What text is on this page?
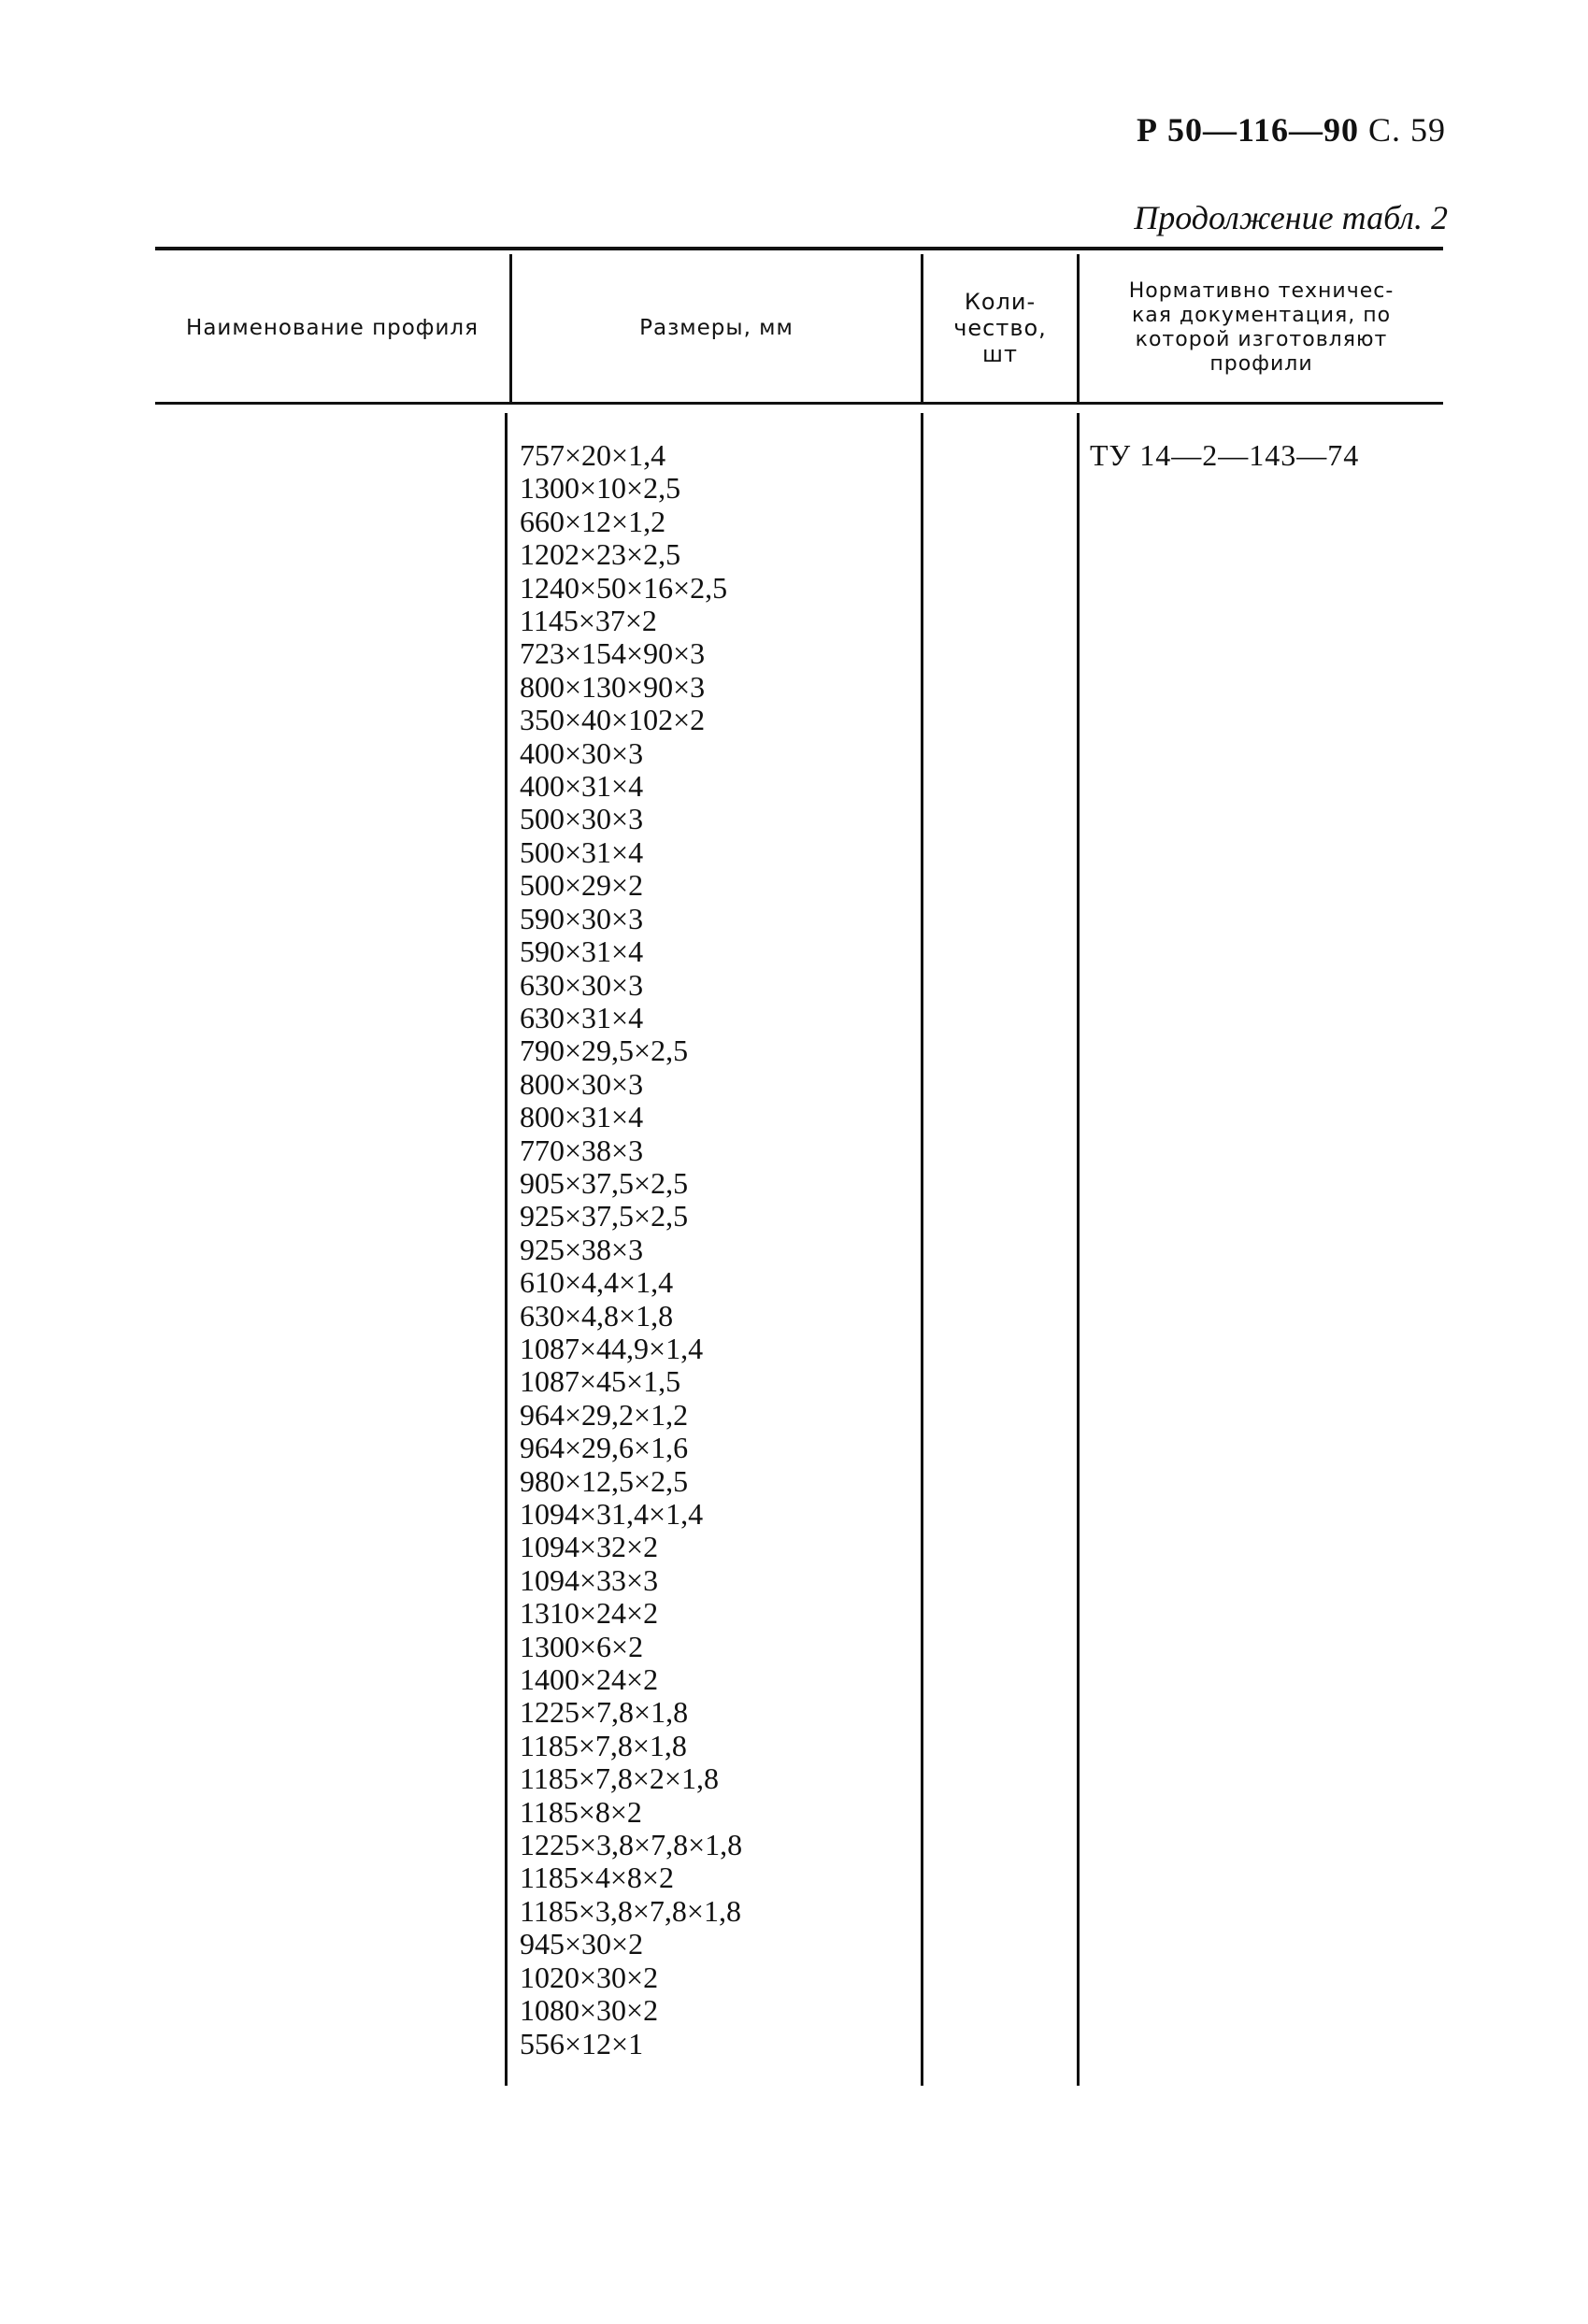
Р 50—116—90 С. 59
Продолжение табл. 2
Наименование профиля	Размеры, мм
Коли-
чество,
шт
Нормативно техничес-
кая документация, по
которой изготовляют
профили
757×20×1,4
1300×10×2,5
660×12×1,2
1202×23×2,5
1240×50×16×2,5
1145×37×2
723×154×90×3
800×130×90×3
350×40×102×2
400×30×3
400×31×4
500×30×3
500×31×4
500×29×2
590×30×3
590×31×4
630×30×3
630×31×4
790×29,5×2,5
800×30×3
800×31×4
770×38×3
905×37,5×2,5
925×37,5×2,5
925×38×3
610×4,4×1,4
630×4,8×1,8
1087×44,9×1,4
1087×45×1,5
964×29,2×1,2
964×29,6×1,6
980×12,5×2,5
1094×31,4×1,4
1094×32×2
1094×33×3
1310×24×2
1300×6×2
1400×24×2
1225×7,8×1,8
1185×7,8×1,8
1185×7,8×2×1,8
1185×8×2
1225×3,8×7,8×1,8
1185×4×8×2
1185×3,8×7,8×1,8
945×30×2
1020×30×2
1080×30×2
556×12×1
ТУ 14—2—143—74
